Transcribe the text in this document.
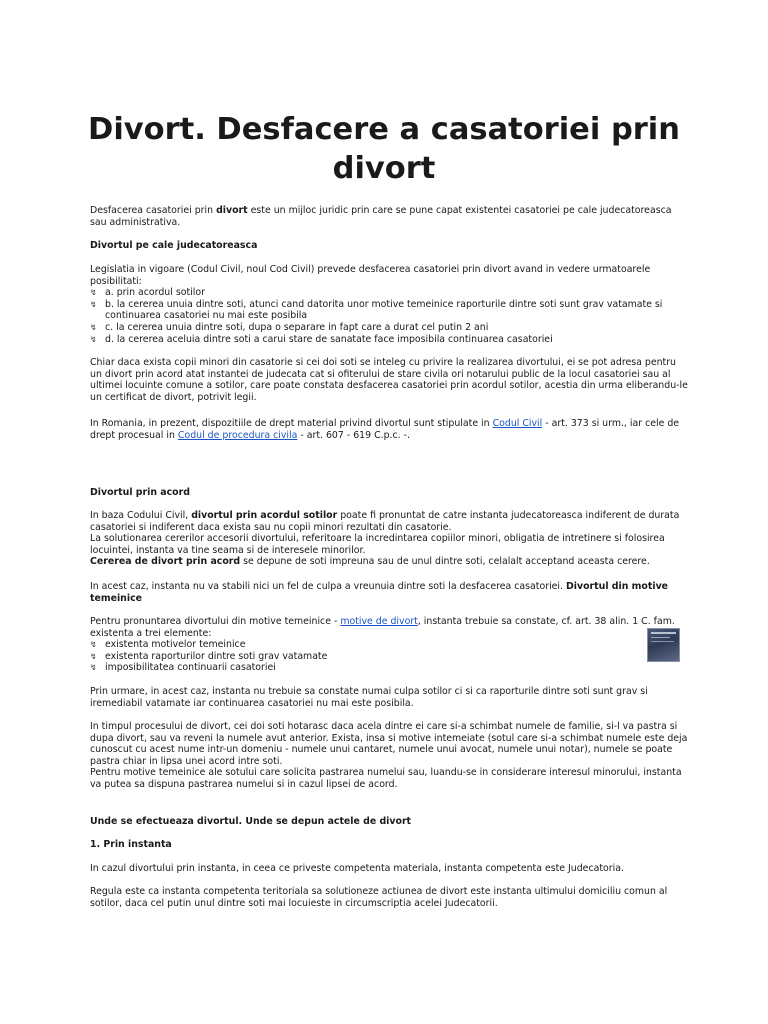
Divort. Desfacere a casatoriei prin divort

Desfacerea casatoriei prin divort este un mijloc juridic prin care se pune capat existentei casatoriei pe cale judecatoreasca sau administrativa.

Divortul pe cale judecatoreasca

Legislatia in vigoare (Codul Civil, noul Cod Civil) prevede desfacerea casatoriei prin divort avand in vedere urmatoarele posibilitati:
↯ a. prin acordul sotilor
↯ b. la cererea unuia dintre soti, atunci cand datorita unor motive temeinice raporturile dintre soti sunt grav vatamate si continuarea casatoriei nu mai este posibila
↯ c. la cererea unuia dintre soti, dupa o separare in fapt care a durat cel putin 2 ani
↯ d. la cererea aceluia dintre soti a carui stare de sanatate face imposibila continuarea casatoriei

Chiar daca exista copii minori din casatorie si cei doi soti se inteleg cu privire la realizarea divortului, ei se pot adresa pentru un divort prin acord atat instantei de judecata cat si ofiterului de stare civila ori notarului public de la locul casatoriei sau al ultimei locuinte comune a sotilor, care poate constata desfacerea casatoriei prin acordul sotilor, acestia din urma eliberandu-le un certificat de divort, potrivit legii.

In Romania, in prezent, dispozitiile de drept material privind divortul sunt stipulate in Codul Civil - art. 373 si urm., iar cele de drept procesual in Codul de procedura civila - art. 607 - 619 C.p.c. -.

Divortul prin acord

In baza Codului Civil, divortul prin acordul sotilor poate fi pronuntat de catre instanta judecatoreasca indiferent de durata casatoriei si indiferent daca exista sau nu copii minori rezultati din casatorie.
La solutionarea cererilor accesorii divortului, referitoare la incredintarea copiilor minori, obligatia de intretinere si folosirea locuintei, instanta va tine seama si de interesele minorilor.
Cererea de divort prin acord se depune de soti impreuna sau de unul dintre soti, celalalt acceptand aceasta cerere.

In acest caz, instanta nu va stabili nici un fel de culpa a vreunuia dintre soti la desfacerea casatoriei. Divortul din motive temeinice

Pentru pronuntarea divortului din motive temeinice - motive de divort, instanta trebuie sa constate, cf. art. 38 alin. 1 C. fam. existenta a trei elemente:
↯ existenta motivelor temeinice
↯ existenta raporturilor dintre soti grav vatamate
↯ imposibilitatea continuarii casatoriei

Prin urmare, in acest caz, instanta nu trebuie sa constate numai culpa sotilor ci si ca raporturile dintre soti sunt grav si iremediabil vatamate iar continuarea casatoriei nu mai este posibila.

In timpul procesului de divort, cei doi soti hotarasc daca acela dintre ei care si-a schimbat numele de familie, si-l va pastra si dupa divort, sau va reveni la numele avut anterior. Exista, insa si motive intemeiate (sotul care si-a schimbat numele este deja cunoscut cu acest nume intr-un domeniu - numele unui cantaret, numele unui avocat, numele unui notar), numele se poate pastra chiar in lipsa unei acord intre soti.
Pentru motive temeinice ale sotului care solicita pastrarea numelui sau, luandu-se in considerare interesul minorului, instanta va putea sa dispuna pastrarea numelui si in cazul lipsei de acord.

Unde se efectueaza divortul. Unde se depun actele de divort

1. Prin instanta

In cazul divortului prin instanta, in ceea ce priveste competenta materiala, instanta competenta este Judecatoria.

Regula este ca instanta competenta teritoriala sa solutioneze actiunea de divort este instanta ultimului domiciliu comun al sotilor, daca cel putin unul dintre soti mai locuieste in circumscriptia acelei Judecatorii.
